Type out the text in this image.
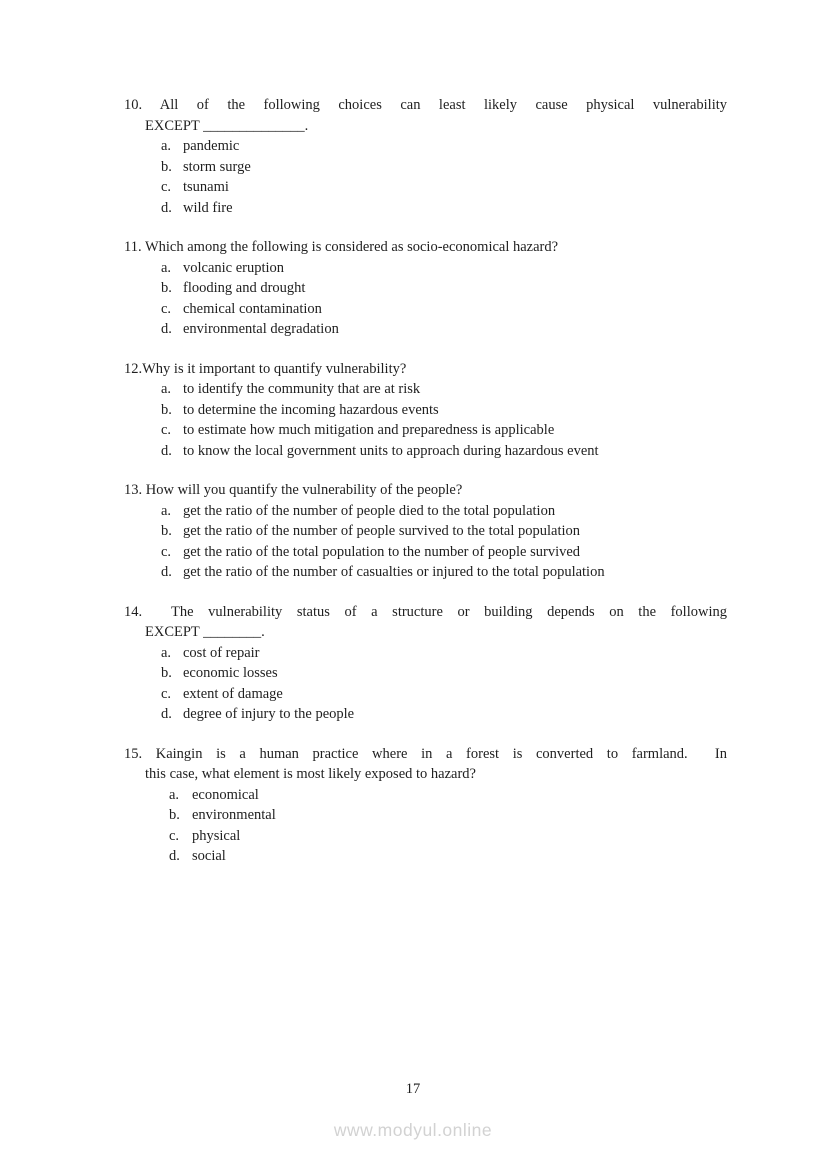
10. All of the following choices can least likely cause physical vulnerability
EXCEPT ______________.
a. pandemic
b. storm surge
c. tsunami
d. wild fire
11. Which among the following is considered as socio-economical hazard?
a. volcanic eruption
b. flooding and drought
c. chemical contamination
d. environmental degradation
12.Why is it important to quantify vulnerability?
a. to identify the community that are at risk
b. to determine the incoming hazardous events
c. to estimate how much mitigation and preparedness is applicable
d. to know the local government units to approach during hazardous event
13. How will you quantify the vulnerability of the people?
a. get the ratio of the number of people died to the total population
b. get the ratio of the number of people survived to the total population
c. get the ratio of the total population to the number of people survived
d. get the ratio of the number of casualties or injured to the total population
14.  The vulnerability status of a structure or building depends on the following
EXCEPT ________.
a. cost of repair
b. economic losses
c. extent of damage
d. degree of injury to the people
15. Kaingin is a human practice where in a forest is converted to farmland.  In
this case, what element is most likely exposed to hazard?
a. economical
b. environmental
c. physical
d. social
17
www.modyul.online
